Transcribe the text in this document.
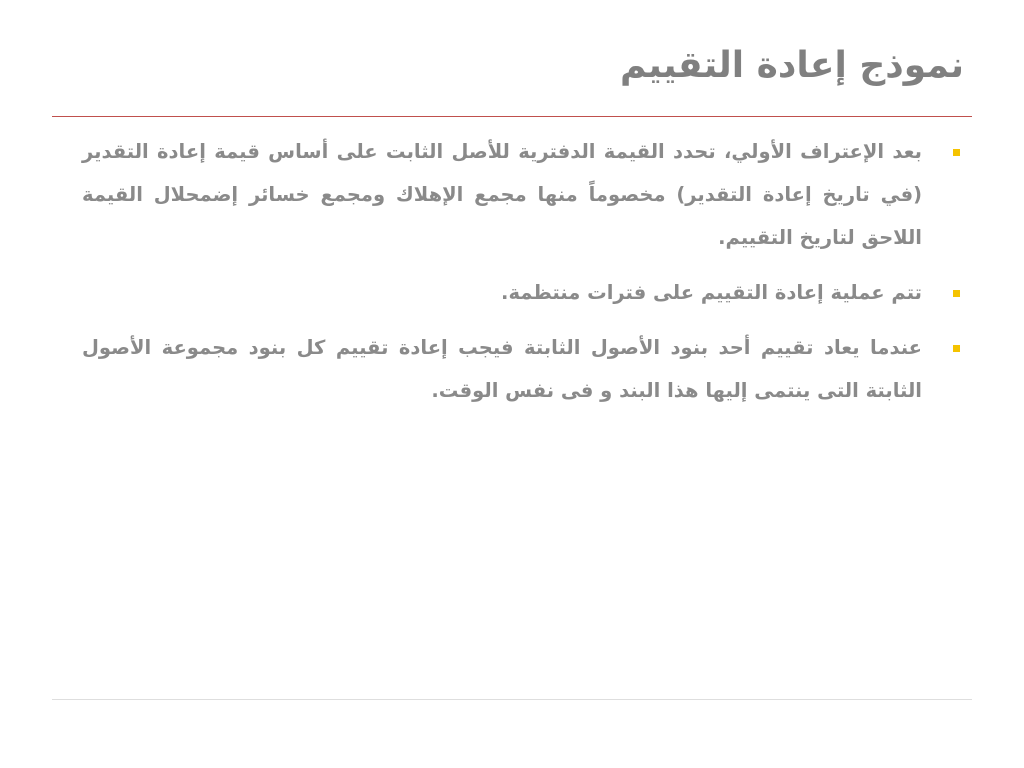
نموذج إعادة التقييم
بعد الإعتراف الأولي، تحدد القيمة الدفترية للأصل الثابت على أساس قيمة إعادة التقدير (في تاريخ إعادة التقدير) مخصوماً منها مجمع الإهلاك ومجمع خسائر إضمحلال القيمة اللاحق لتاريخ التقييم.
تتم عملية إعادة التقييم على فترات منتظمة.
عندما يعاد تقييم أحد بنود الأصول الثابتة فيجب إعادة تقييم كل بنود مجموعة الأصول الثابتة التى ينتمى إليها هذا البند و فى نفس الوقت.
